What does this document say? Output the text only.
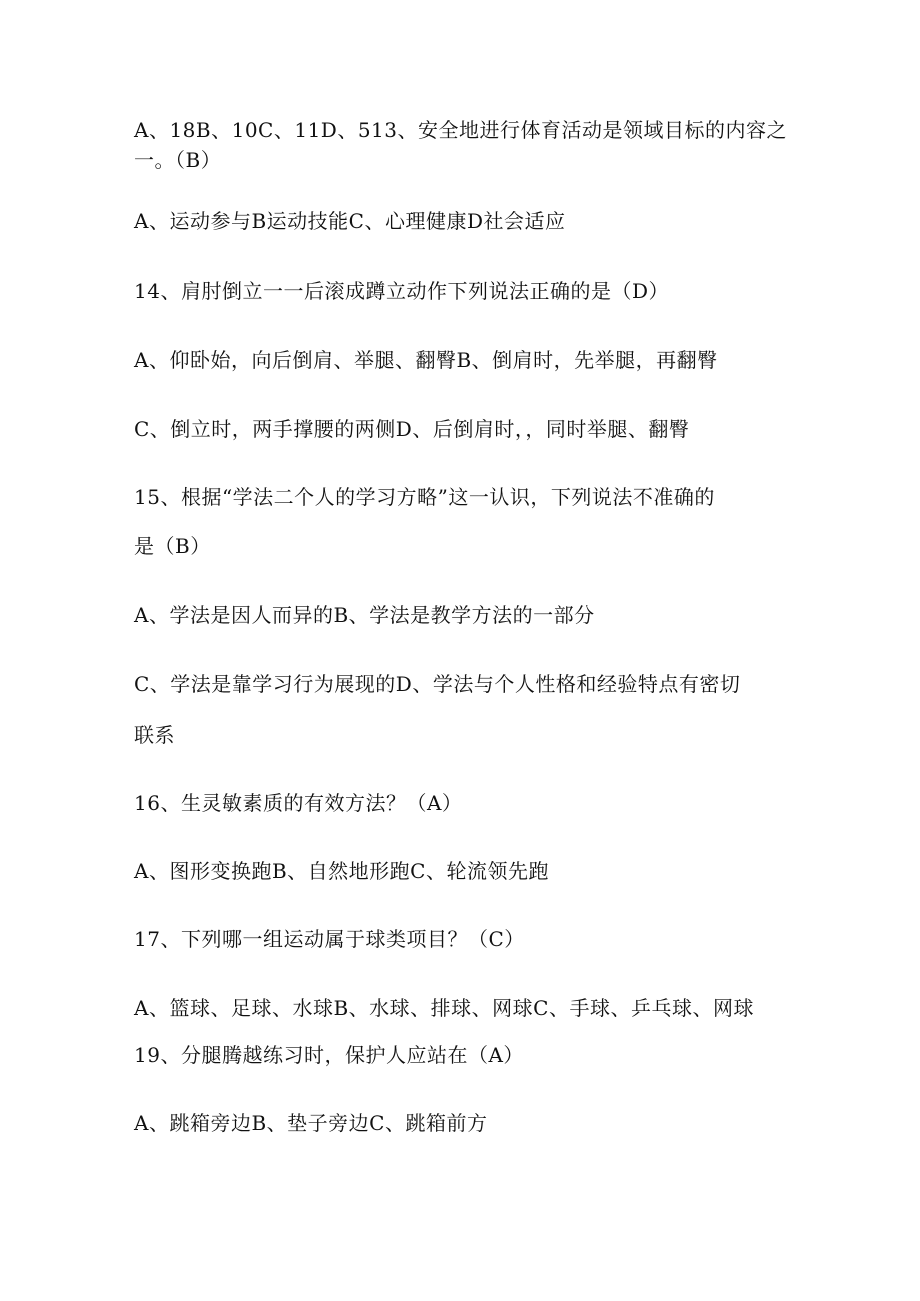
A、18B、10C、11D、513、安全地进行体育活动是领域目标的内容之
一。（B）
A、运动参与B运动技能C、心理健康D社会适应
14、肩肘倒立一一后滚成蹲立动作下列说法正确的是（D）
A、仰卧始，向后倒肩、举腿、翻臀B、倒肩时，先举腿，再翻臀
C、倒立时，两手撑腰的两侧D、后倒肩时，，同时举腿、翻臀
15、根据“学法二个人的学习方略”这一认识，下列说法不准确的
是（B）
A、学法是因人而异的B、学法是教学方法的一部分
C、学法是靠学习行为展现的D、学法与个人性格和经验特点有密切
联系
16、生灵敏素质的有效方法？（A）
A、图形变换跑B、自然地形跑C、轮流领先跑
17、下列哪一组运动属于球类项目？（C）
A、篮球、足球、水球B、水球、排球、网球C、手球、乒乓球、网球
19、分腿腾越练习时，保护人应站在（A）
A、跳箱旁边B、垫子旁边C、跳箱前方
